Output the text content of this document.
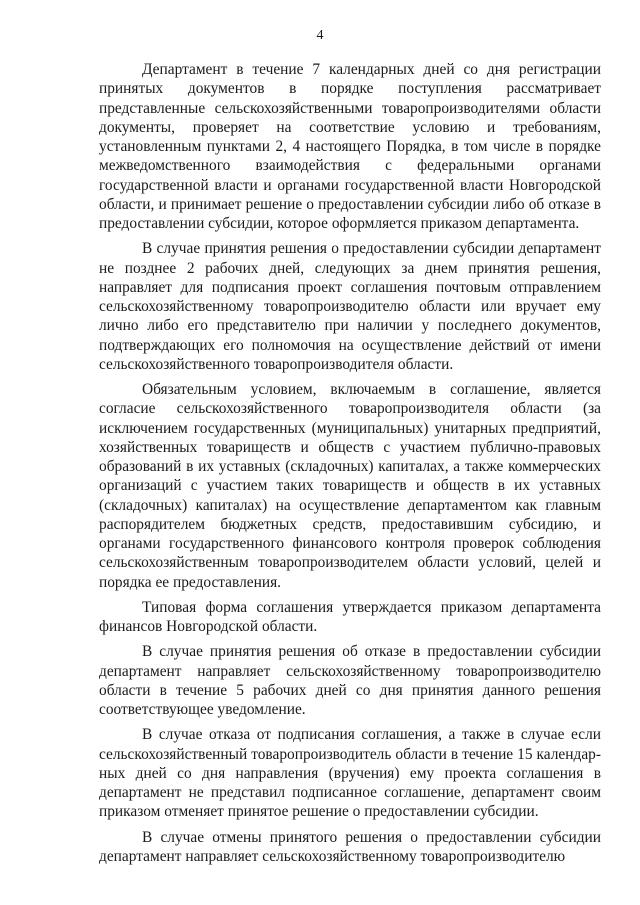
4

Департамент в течение 7 календарных дней со дня регистрации принятых документов в порядке поступления рассматривает представленные сельскохозяйственными товаропроизводителями области документы, проверяет на соответствие условию и требованиям, установленным пунктами 2, 4 настоящего Порядка, в том числе в порядке межведомственного взаимодействия с федеральными органами государственной власти и органами государственной власти Новгородской области, и принимает решение о предоставлении субсидии либо об отказе в предоставлении субсидии, которое оформляется приказом департамента.

В случае принятия решения о предоставлении субсидии департамент не позднее 2 рабочих дней, следующих за днем принятия решения, направляет для подписания проект соглашения почтовым отправлением сельскохозяйственному товаропроизводителю области или вручает ему лично либо его представителю при наличии у последнего документов, подтверждающих его полномочия на осуществление действий от имени сельскохозяйственного товаропроизводителя области.

Обязательным условием, включаемым в соглашение, является согласие сельскохозяйственного товаропроизводителя области (за исключением государственных (муниципальных) унитарных предприятий, хозяйственных товариществ и обществ с участием публично-правовых образований в их уставных (складочных) капиталах, а также коммерческих организаций с участием таких товариществ и обществ в их уставных (складочных) капиталах) на осуществление департаментом как главным распорядителем бюджетных средств, предоставившим субсидию, и органами государственного финансового контроля проверок соблюдения сельскохозяйственным товаропроизводителем области условий, целей и порядка ее предоставления.

Типовая форма соглашения утверждается приказом департамента финансов Новгородской области.

В случае принятия решения об отказе в предоставлении субсидии департамент направляет сельскохозяйственному товаропроизводителю области в течение 5 рабочих дней со дня принятия данного решения соответствующее уведомление.

В случае отказа от подписания соглашения, а также в случае если сельскохозяйственный товаропроизводитель области в течение 15 календарных дней со дня направления (вручения) ему проекта соглашения в департамент не представил подписанное соглашение, департамент своим приказом отменяет принятое решение о предоставлении субсидии.

В случае отмены принятого решения о предоставлении субсидии департамент направляет сельскохозяйственному товаропроизводителю
